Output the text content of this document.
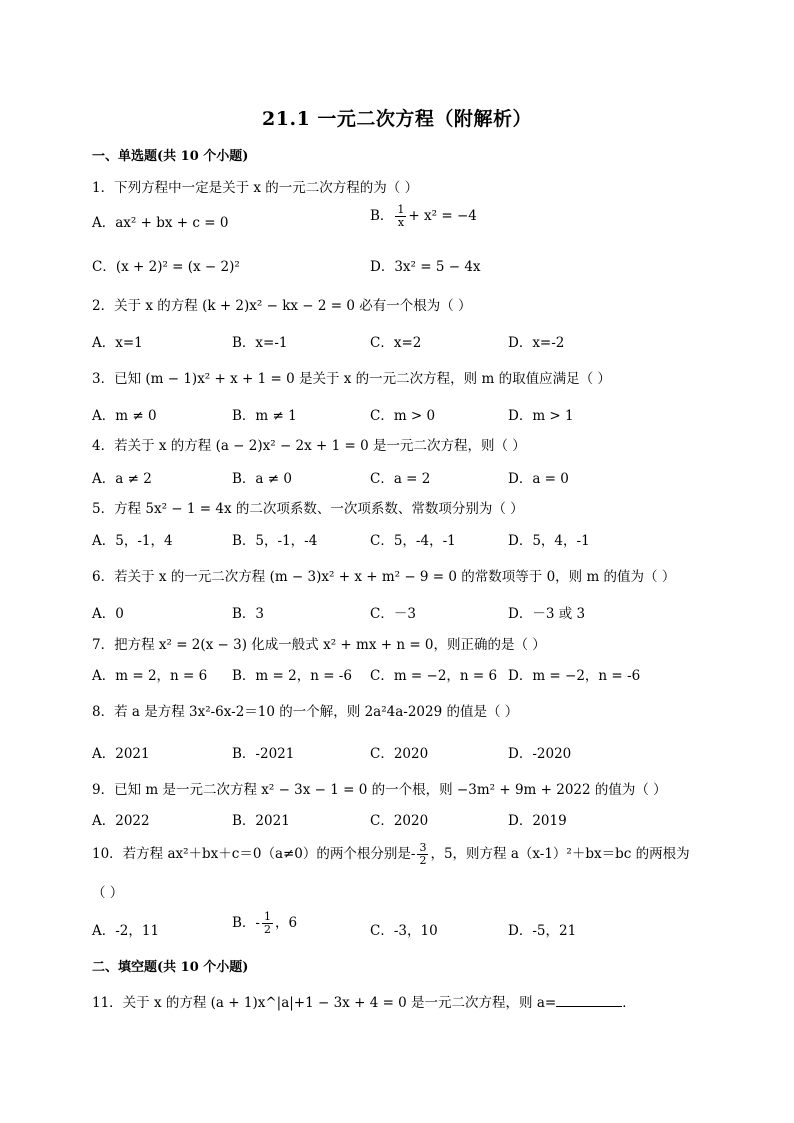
21.1 一元二次方程（附解析）
一、单选题(共 10 个小题)
1．下列方程中一定是关于 x 的一元二次方程的为（ ）
A．ax² + bx + c = 0	B． $\frac{1}{x} + x^2 = -4$
C．(x + 2)² = (x − 2)²	D．3x² = 5 − 4x
2．关于 x 的方程 (k + 2)x² − kx − 2 = 0 必有一个根为（ ）
A．x=1	B．x=-1	C．x=2	D．x=-2
3．已知 (m − 1)x² + x + 1 = 0 是关于 x 的一元二次方程，则 m 的取值应满足（ ）
A．m ≠ 0	B．m ≠ 1	C．m > 0	D．m > 1
4．若关于 x 的方程 (a − 2)x² − 2x + 1 = 0 是一元二次方程，则（ ）
A．a ≠ 2	B．a ≠ 0	C．a = 2	D．a = 0
5．方程 5x² − 1 = 4x 的二次项系数、一次项系数、常数项分别为（ ）
A．5，-1，4	B．5，-1，-4	C．5，-4，-1	D．5，4，-1
6．若关于 x 的一元二次方程 (m − 3)x² + x + m² − 9 = 0 的常数项等于 0，则 m 的值为（ ）
A．0	B．3	C．－3	D．－3 或 3
7．把方程 x² = 2(x − 3) 化成一般式 x² + mx + n = 0，则正确的是（ ）
A．m = 2，n = 6 B．m = 2，n = -6 C．m = −2，n = 6 D．m = −2，n = -6
8．若 a 是方程 3x²-6x-2＝10 的一个解，则 2a²4a-2029 的值是（ ）
A．2021	B．-2021	C．2020	D．-2020
9．已知 m 是一元二次方程 x² − 3x − 1 = 0 的一个根，则 −3m² + 9m + 2022 的值为（ ）
A．2022	B．2021	C．2020	D．2019
10．若方程 ax²＋bx＋c＝0（a≠0）的两个根分别是- $\frac{3}{2}$ ，5，则方程 a（x-1）²＋bx＝bc 的两根为
（ ）
A．-2，11	B．- $\frac{1}{2}$ ，6	C．-3，10	D．-5，21
二、填空题(共 10 个小题)
11．关于 x 的方程 (a + 1)x^|a|+1 − 3x + 4 = 0 是一元二次方程，则 a=	．
